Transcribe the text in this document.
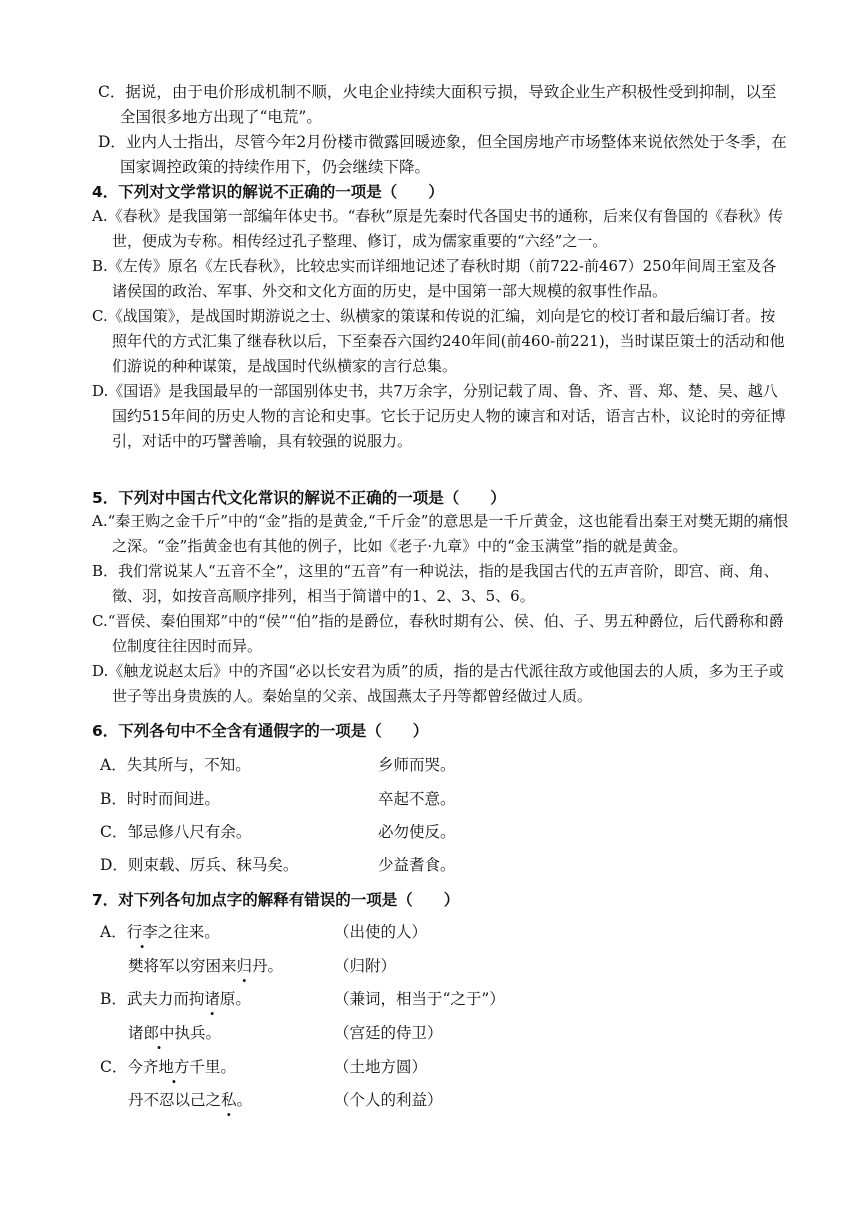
C．据说，由于电价形成机制不顺，火电企业持续大面积亏损，导致企业生产积极性受到抑制，以至全国很多地方出现了“电荒”。

D．业内人士指出，尽管今年2月份楼市微露回暖迹象，但全国房地产市场整体来说依然处于冬季，在国家调控政策的持续作用下，仍会继续下降。

4．下列对文学常识的解说不正确的一项是（　　）

A.《春秋》是我国第一部编年体史书。“春秋”原是先秦时代各国史书的通称，后来仅有鲁国的《春秋》传世，便成为专称。相传经过孔子整理、修订，成为儒家重要的“六经”之一。

B.《左传》原名《左氏春秋》，比较忠实而详细地记述了春秋时期（前722-前467）250年间周王室及各诸侯国的政治、军事、外交和文化方面的历史，是中国第一部大规模的叙事性作品。

C.《战国策》，是战国时期游说之士、纵横家的策谋和传说的汇编，刘向是它的校订者和最后编订者。按照年代的方式汇集了继春秋以后，下至秦吞六国约240年间(前460-前221)，当时谋臣策士的活动和他们游说的种种谋策，是战国时代纵横家的言行总集。

D.《国语》是我国最早的一部国别体史书，共7万余字，分别记载了周、鲁、齐、晋、郑、楚、吴、越八国约515年间的历史人物的言论和史事。它长于记历史人物的谏言和对话，语言古朴，议论时的旁征博引，对话中的巧譬善喻，具有较强的说服力。

5．下列对中国古代文化常识的解说不正确的一项是（　　）

A.“秦王购之金千斤”中的“金”指的是黄金,“千斤金”的意思是一千斤黄金，这也能看出秦王对樊无期的痛恨之深。“金”指黄金也有其他的例子，比如《老子·九章》中的“金玉满堂”指的就是黄金。

B．我们常说某人“五音不全”，这里的“五音”有一种说法，指的是我国古代的五声音阶，即宫、商、角、徵、羽，如按音高顺序排列，相当于简谱中的1、2、3、5、6。

C.“晋侯、秦伯围郑”中的“侯”“伯”指的是爵位，春秋时期有公、侯、伯、子、男五种爵位，后代爵称和爵位制度往往因时而异。

D.《触龙说赵太后》中的齐国“必以长安君为质”的质，指的是古代派往敌方或他国去的人质，多为王子或世子等出身贵族的人。秦始皇的父亲、战国燕太子丹等都曾经做过人质。

6．下列各句中不全含有通假字的一项是（　　）
A．失其所与，不知。	乡师而哭。
B．时时而间进。	卒起不意。
C．邹忌修八尺有余。	必勿使反。
D．则束载、厉兵、秣马矣。	少益耆食。
7．对下列各句加点字的解释有错误的一项是（　　）
A．行李之往来。	（出使的人）
樊将军以穷困来归丹。	（归附）
B．武夫力而拘诸原。	（兼词，相当于“之于”）
诸郎中执兵。	（宫廷的侍卫）
C．今齐地方千里。	（土地方圆）
丹不忍以己之私。	（个人的利益）
